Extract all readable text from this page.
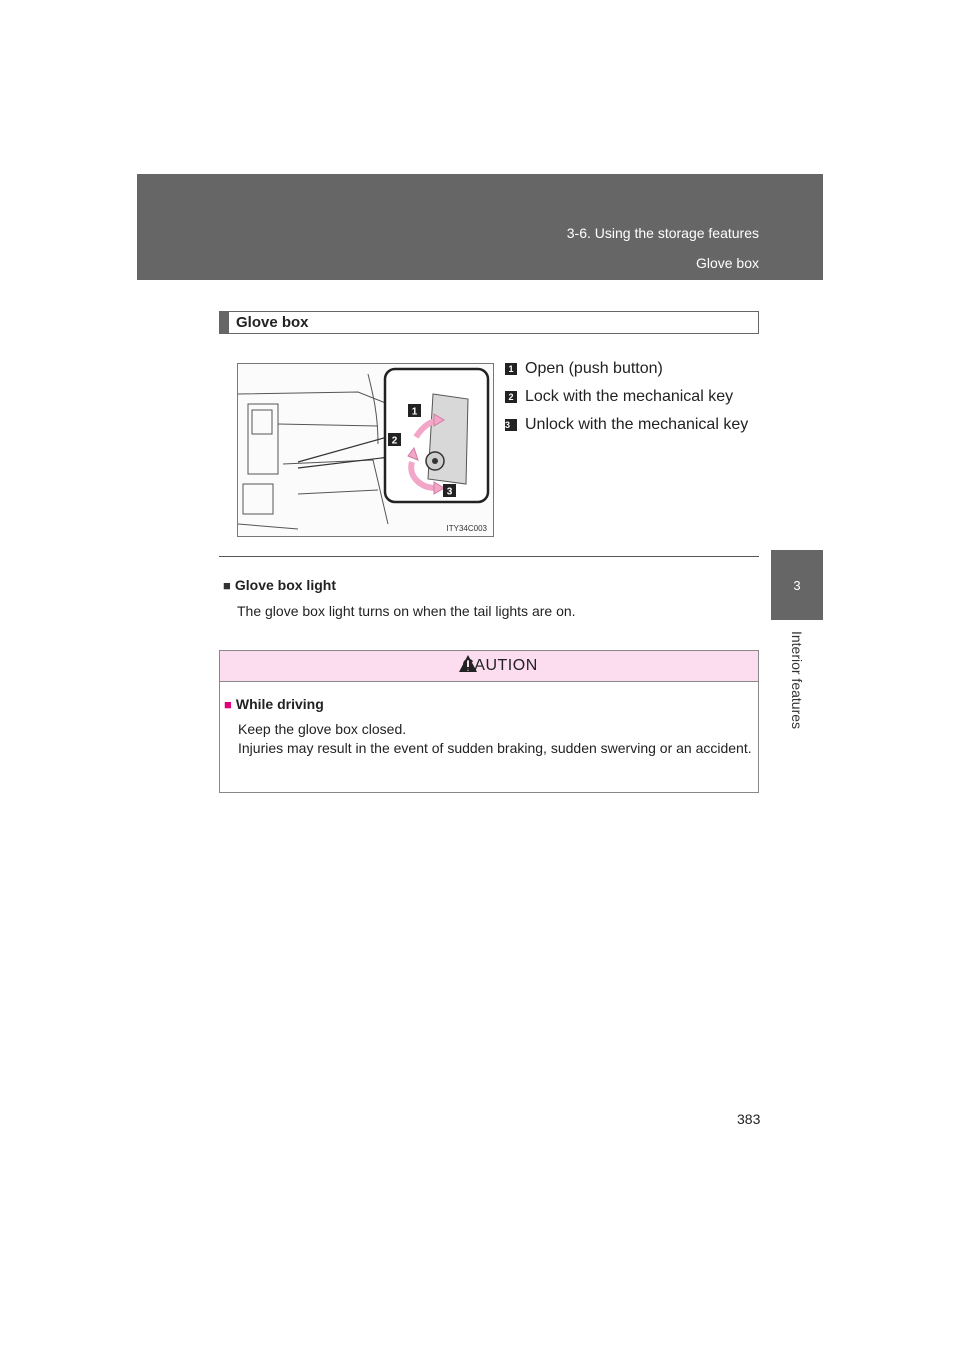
3-6. Using the storage features
Glove box
3
Interior features
Glove box
1
2
3
ITY34C003
1 Open (push button)
2 Lock with the mechanical key
3 Unlock with the mechanical key
■ Glove box light
The glove box light turns on when the tail lights are on.
CAUTION
■ While driving

Keep the glove box closed.

Injuries may result in the event of sudden braking, sudden swerving or an accident.

383
